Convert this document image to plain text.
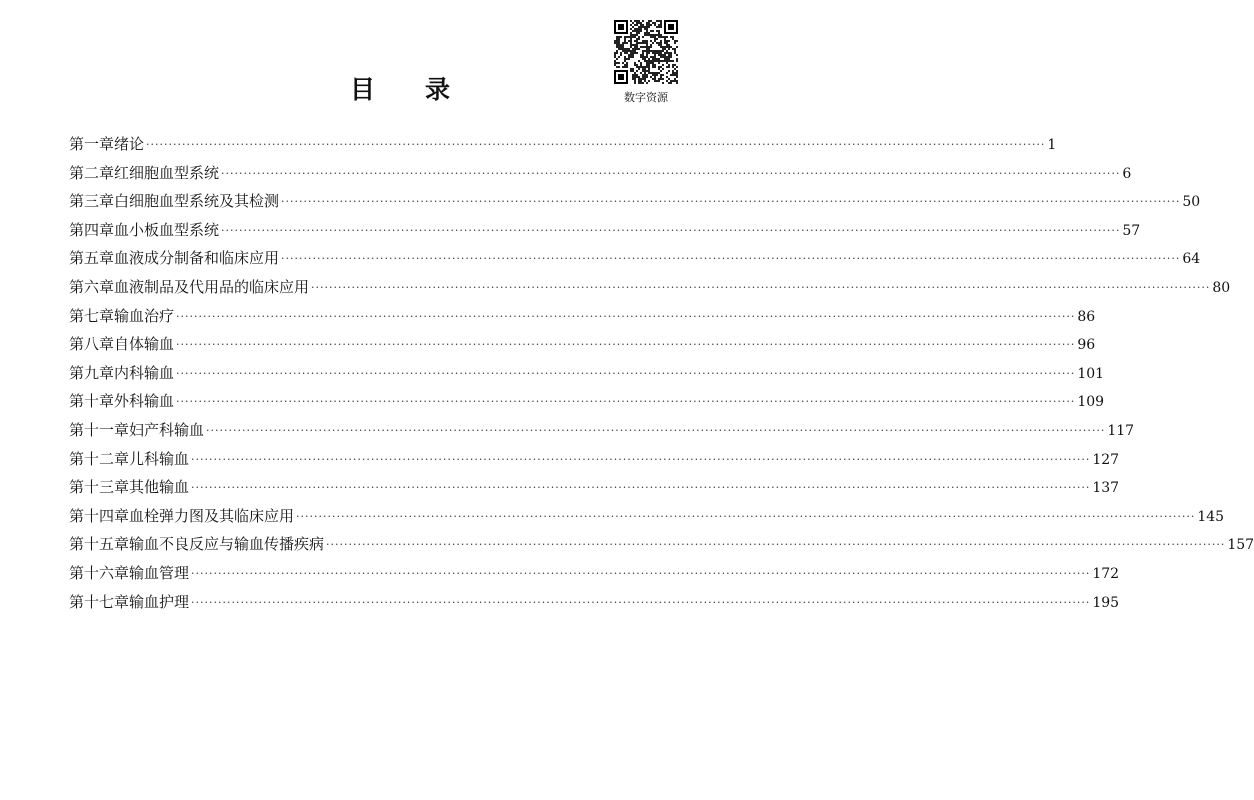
目 录	数字资源
第一章 绪论 ········································································································································································································ 1
第二章 红细胞血型系统 ········································································································································································································ 6
第三章 白细胞血型系统及其检测 ········································································································································································································ 50
第四章 血小板血型系统 ········································································································································································································ 57
第五章 血液成分制备和临床应用 ········································································································································································································ 64
第六章 血液制品及代用品的临床应用 ········································································································································································································ 80
第七章 输血治疗 ········································································································································································································ 86
第八章 自体输血 ········································································································································································································ 96
第九章 内科输血 ········································································································································································································ 101
第十章 外科输血 ········································································································································································································ 109
第十一章 妇产科输血 ········································································································································································································ 117
第十二章 儿科输血 ········································································································································································································ 127
第十三章 其他输血 ········································································································································································································ 137
第十四章 血栓弹力图及其临床应用 ········································································································································································································ 145
第十五章 输血不良反应与输血传播疾病 ········································································································································································································ 157
第十六章 输血管理 ········································································································································································································ 172
第十七章 输血护理 ········································································································································································································ 195
